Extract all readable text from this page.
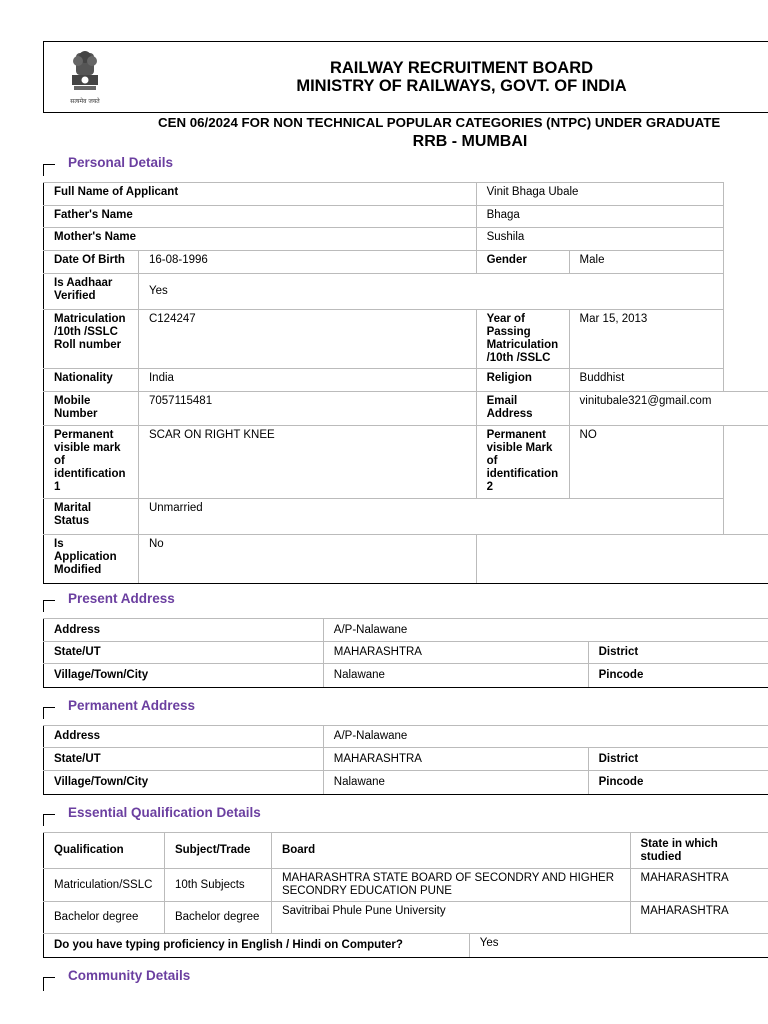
सत्यमेव जयते
RAILWAY RECRUITMENT BOARD
MINISTRY OF RAILWAYS, GOVT. OF INDIA
CEN 06/2024 FOR NON TECHNICAL POPULAR CATEGORIES (NTPC) UNDER GRADUATE
RRB - MUMBAI
Personal Details
Full Name of Applicant		Vinit Bhaga Ubale		
Father's Name		Bhaga		
Mother's Name		Sushila		
Date Of Birth	16-08-1996	Gender	Male	
Is Aadhaar Verified	Yes			
Matriculation /10th /SSLC Roll number	C124247	Year of Passing Matriculation /10th /SSLC	Mar 15, 2013	
Nationality	India	Religion	Buddhist	
Mobile Number	7057115481	Email Address	vinitubale321@gmail.com	
Permanent visible mark of identification 1	SCAR ON RIGHT KNEE	Permanent visible Mark of identification 2	NO	
Marital Status	Unmarried			
Is Application Modified	No			
Present Address
Address	A/P-Nalawane	
State/UT	MAHARASHTRA	District
Village/Town/City	Nalawane	Pincode
Permanent Address
Address	A/P-Nalawane	
State/UT	MAHARASHTRA	District
Village/Town/City	Nalawane	Pincode
Essential Qualification Details
Qualification	Subject/Trade	Board	State in which studied
Matriculation/SSLC	10th Subjects	MAHARASHTRA STATE BOARD OF SECONDRY AND HIGHER SECONDRY EDUCATION PUNE	MAHARASHTRA
Bachelor degree	Bachelor degree	Savitribai Phule Pune University	MAHARASHTRA
Do you have typing proficiency in English / Hindi on Computer?	Yes
Community Details
